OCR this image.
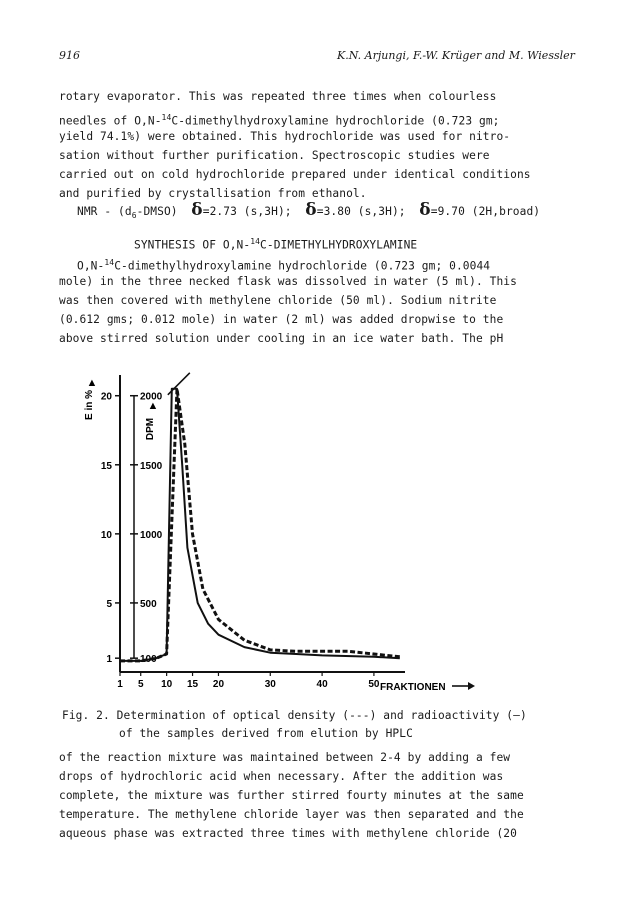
916	K.N. Arjungi, F.-W. Krüger and M. Wiessler
rotary evaporator. This was repeated three times when colourless
needles of O,N-$^{14}$C-dimethylhydroxylamine hydrochloride (0.723 gm;
yield 74.1%) were obtained. This hydrochloride was used for nitro-
sation without further purification. Spectroscopic studies were
carried out on cold hydrochloride prepared under identical conditions
and purified by crystallisation from ethanol.
NMR - $(d_6-DMSO)$ δ=2.73 (s,3H); δ=3.80 (s,3H); δ=9.70 (2H,broad)
SYNTHESIS OF O,N-$^{14}$C-DIMETHYLHYDROXYLAMINE
O,N-$^{14}$C-dimethylhydroxylamine hydrochloride (0.723 gm; 0.0044
mole) in the three necked flask was dissolved in water (5 ml). This
was then covered with methylene chloride (50 ml). Sodium nitrite
(0.612 gms; 0.012 mole) in water (2 ml) was added dropwise to the
above stirred solution under cooling in an ice water bath. The pH
1
5
10
15
20
100
500
1000
1500
2000
1 5 10 15 20	30	40	50
E in %
▲
DPM
▲
FRAKTIONEN
Fig. 2. Determination of optical density (---) and radioactivity (—)
of the samples derived from elution by HPLC
of the reaction mixture was maintained between 2-4 by adding a few
drops of hydrochloric acid when necessary. After the addition was
complete, the mixture was further stirred fourty minutes at the same
temperature. The methylene chloride layer was then separated and the
aqueous phase was extracted three times with methylene chloride (20
